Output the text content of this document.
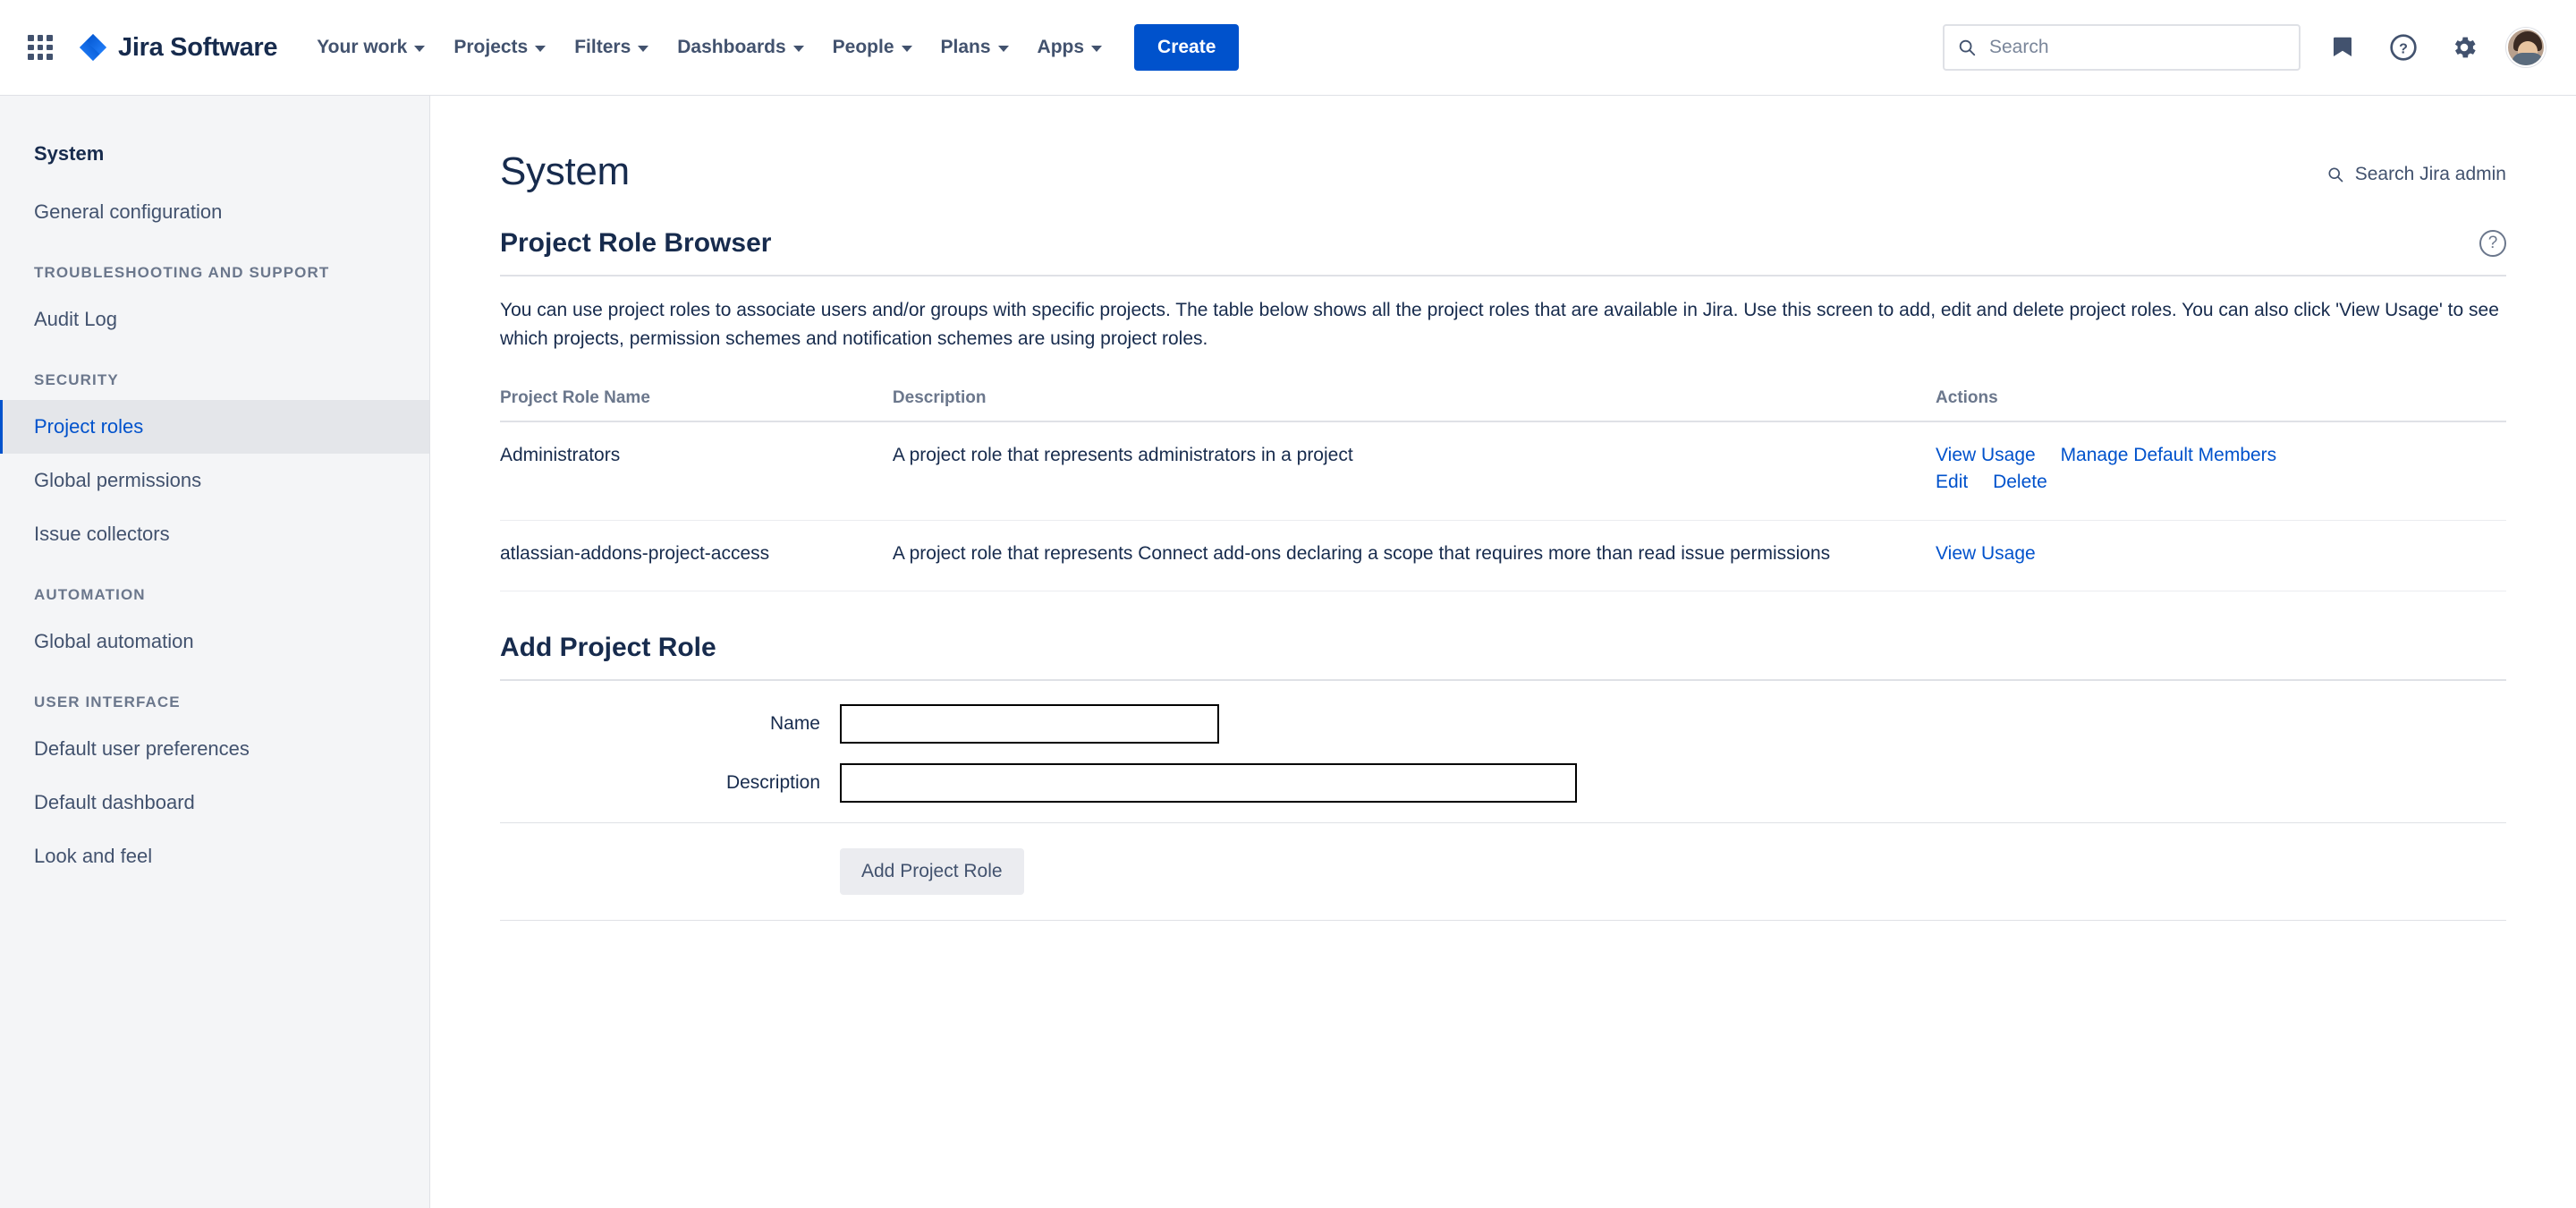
Jira Software Your work Projects Filters Dashboards People Plans Apps	Create
Search	?
System
General configuration
TROUBLESHOOTING AND SUPPORT
Audit Log
SECURITY
Project roles
Global permissions
Issue collectors
AUTOMATION
Global automation
USER INTERFACE
Default user preferences
Default dashboard
Look and feel
System	Search Jira admin
Project Role Browser	?

You can use project roles to associate users and/or groups with specific projects. The table below shows all the project roles that are available in Jira. Use this screen to add, edit and delete project roles. You can also click 'View Usage' to see which projects, permission schemes and notification schemes are using project roles.

Project Role Name	Description	Actions
Administrators	A project role that represents administrators in a project	View Usage Manage Default Members
Edit Delete
atlassian-addons-project-access	A project role that represents Connect add-ons declaring a scope that requires more than read issue permissions	View Usage
Add Project Role
Name
Description
Add Project Role
